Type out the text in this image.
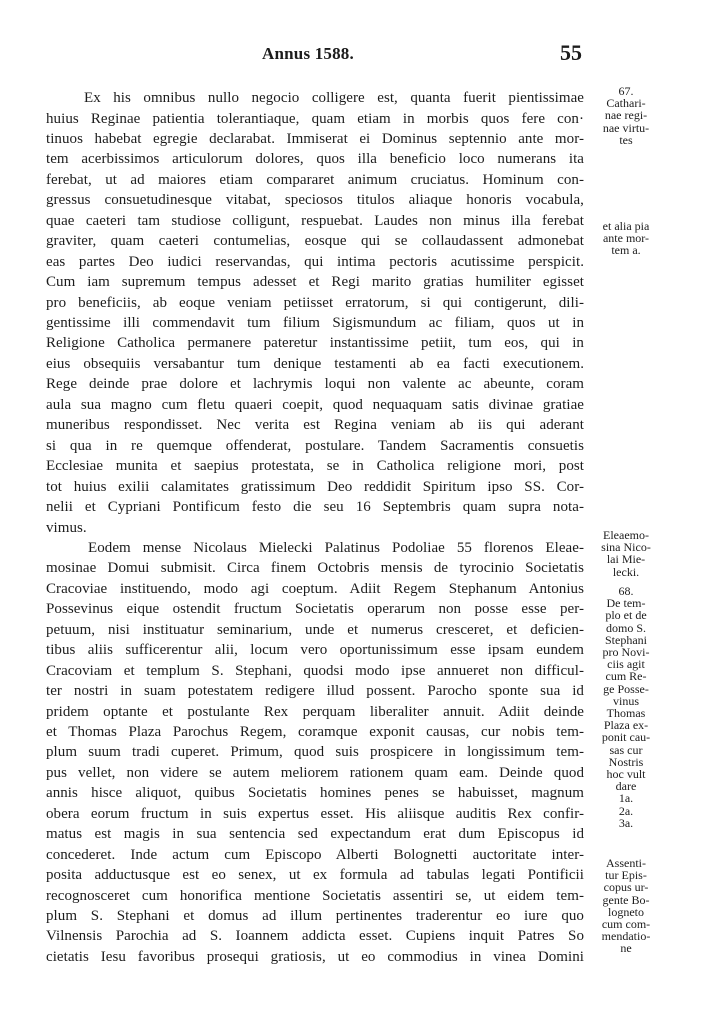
Annus 1588.	55
Ex his omnibus nullo negocio colligere est, quanta fuerit pientissimae
huius Reginae patientia tolerantiaque, quam etiam in morbis quos fere con·
tinuos habebat egregie declarabat. Immiserat ei Dominus septennio ante mor-
tem acerbissimos articulorum dolores, quos illa beneficio loco numerans ita
ferebat, ut ad maiores etiam compararet animum cruciatus. Hominum con-
gressus consuetudinesque vitabat, speciosos titulos aliaque honoris vocabula,
quae caeteri tam studiose colligunt, respuebat. Laudes non minus illa ferebat
graviter, quam caeteri contumelias, eosque qui se collaudassent admonebat
eas partes Deo iudici reservandas, qui intima pectoris acutissime perspicit.
Cum iam supremum tempus adesset et Regi marito gratias humiliter egisset
pro beneficiis, ab eoque veniam petiisset erratorum, si qui contigerunt, dili-
gentissime illi commendavit tum filium Sigismundum ac filiam, quos ut in
Religione Catholica permanere pateretur instantissime petiit, tum eos, qui in
eius obsequiis versabantur tum denique testamenti ab ea facti executionem.
Rege deinde prae dolore et lachrymis loqui non valente ac abeunte, coram
aula sua magno cum fletu quaeri coepit, quod nequaquam satis divinae gratiae
muneribus respondisset. Nec verita est Regina veniam ab iis qui aderant
si qua in re quemque offenderat, postulare. Tandem Sacramentis consuetis
Ecclesiae munita et saepius protestata, se in Catholica religione mori, post
tot huius exilii calamitates gratissimum Deo reddidit Spiritum ipso SS. Cor-
nelii et Cypriani Pontificum festo die seu 16 Septembris quam supra nota-
vimus.
Eodem mense Nicolaus Mielecki Palatinus Podoliae 55 florenos Eleae-
mosinae Domui submisit. Circa finem Octobris mensis de tyrocinio Societatis
Cracoviae instituendo, modo agi coeptum. Adiit Regem Stephanum Antonius
Possevinus eique ostendit fructum Societatis operarum non posse esse per-
petuum, nisi instituatur seminarium, unde et numerus cresceret, et deficien-
tibus aliis sufficerentur alii, locum vero oportunissimum esse ipsam eundem
Cracoviam et templum S. Stephani, quodsi modo ipse annueret non difficul-
ter nostri in suam potestatem redigere illud possent. Parocho sponte sua id
pridem optante et postulante Rex perquam liberaliter annuit. Adiit deinde
et Thomas Plaza Parochus Regem, coramque exponit causas, cur nobis tem-
plum suum tradi cuperet. Primum, quod suis prospicere in longissimum tem-
pus vellet, non videre se autem meliorem rationem quam eam. Deinde quod
annis hisce aliquot, quibus Societatis homines penes se habuisset, magnum
obera eorum fructum in suis expertus esset. His aliisque auditis Rex confir-
matus est magis in sua sentencia sed expectandum erat dum Episcopus id
concederet. Inde actum cum Episcopo Alberti Bolognetti auctoritate inter-
posita adductusque est eo senex, ut ex formula ad tabulas legati Pontificii
recognosceret cum honorifica mentione Societatis assentiri se, ut eidem tem-
plum S. Stephani et domus ad illum pertinentes traderentur eo iure quo
Vilnensis Parochia ad S. Ioannem addicta esset. Cupiens inquit Patres So
cietatis Iesu favoribus prosequi gratiosis, ut eo commodius in vinea Domini
67.
Cathari-
nae regi-
nae virtu-
tes
et alia pia
ante mor-
tem a.
Eleaemo-
sina Nico-
lai Mie-
lecki.
68.
De tem-
plo et de
domo S.
Stephani
pro Novi-
ciis agit
cum Re-
ge Posse-
vinus
Thomas
Plaza ex-
ponit cau-
sas cur
Nostris
hoc vult
dare
1a.
2a.
3a.
Assenti-
tur Epis-
copus ur-
gente Bo-
logneto
cum com-
mendatio-
ne
